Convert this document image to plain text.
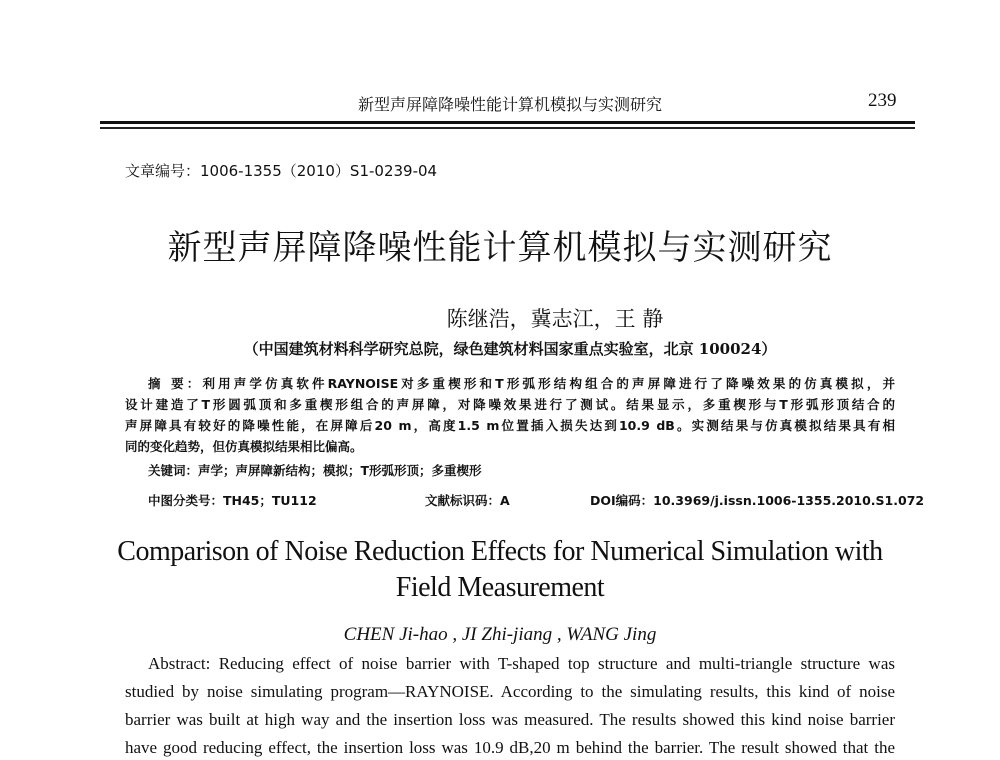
新型声屏障降噪性能计算机模拟与实测研究	239
文章编号：1006-1355（2010）S1-0239-04
新型声屏障降噪性能计算机模拟与实测研究
陈继浩，冀志江，王 静
（中国建筑材料科学研究总院，绿色建筑材料国家重点实验室，北京 100024）
摘 要：利用声学仿真软件RAYNOISE对多重楔形和T形弧形结构组合的声屏障进行了降噪效果的仿真模拟，并
设计建造了T形圆弧顶和多重楔形组合的声屏障，对降噪效果进行了测试。结果显示，多重楔形与T形弧形顶结合的
声屏障具有较好的降噪性能，在屏障后20 m，高度1.5 m位置插入损失达到10.9 dB。实测结果与仿真模拟结果具有相
同的变化趋势，但仿真模拟结果相比偏高。
关键词：声学；声屏障新结构；模拟；T形弧形顶；多重楔形
中图分类号：TH45；TU112	文献标识码：A	DOI编码：10.3969/j.issn.1006-1355.2010.S1.072
Comparison of Noise Reduction Effects for Numerical Simulation with
Field Measurement
CHEN Ji-hao , JI Zhi-jiang , WANG Jing
Abstract: Reducing effect of noise barrier with T-shaped top structure and multi-triangle structure was
studied by noise simulating program—RAYNOISE. According to the simulating results, this kind of noise
barrier was built at high way and the insertion loss was measured. The results showed this kind noise barrier
have good reducing effect, the insertion loss was 10.9 dB,20 m behind the barrier. The result showed that the
